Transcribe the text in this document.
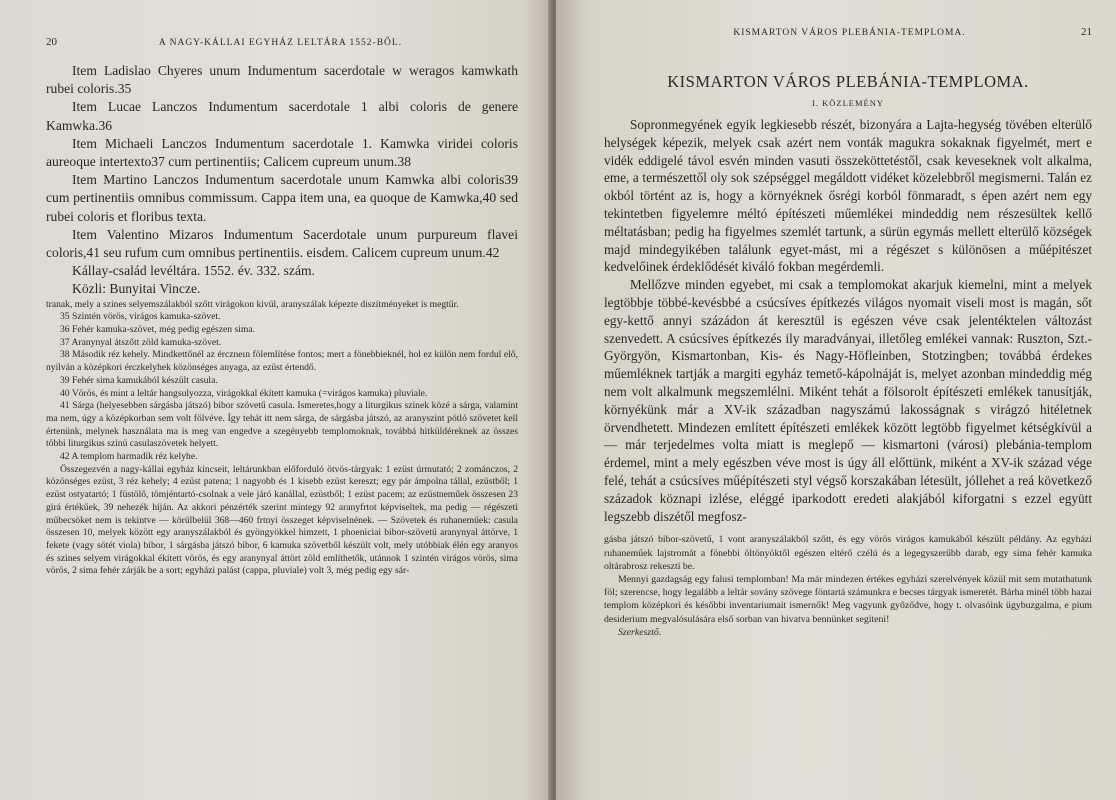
20	A NAGY-KÁLLAI EGYHÁZ LELTÁRA 1552-BŐL.

Item Ladislao Chyeres unum Indumentum sacerdotale w weragos kamwkath rubei coloris.35

Item Lucae Lanczos Indumentum sacerdotale 1 albi coloris de genere Kamwka.36

Item Michaeli Lanczos Indumentum sacerdotale 1. Kamwka viridei coloris aureoque intertexto37 cum pertinentiis; Calicem cupreum unum.38

Item Martino Lanczos Indumentum sacerdotale unum Kamwka albi coloris39 cum pertinentiis omnibus commissum. Cappa item una, ea quoque de Kamwka,40 sed rubei coloris et floribus texta.

Item Valentino Mizaros Indumentum Sacerdotale unum purpureum flavei coloris,41 seu rufum cum omnibus pertinentiis. eisdem. Calicem cupreum unum.42

Kállay-család levéltára. 1552. év. 332. szám.

Közli: Bunyitai Vincze.

tranak, mely a szines selyemszálakból szőtt virágokon kivül, aranyszálak képezte diszítményeket is megtűr.

35 Szintén vörös, virágos kamuka-szövet.

36 Fehér kamuka-szövet, még pedig egészen sima.

37 Aranynyal átszőtt zöld kamuka-szövet.

38 Második réz kehely. Mindkettőnél az érczneın fölemlítése fontos; mert a fönebbieknél, hol ez külön nem fordul elő, nyilván a középkori érczkelyhek közönséges anyaga, az ezüst értendő.

39 Fehér sima kamukából készült casula.

40 Vörös, és mint a leltár hangsulyozza, virágokkal ékített kamuka (=virágos kamuka) pluviale.

41 Sárga (helyesebben sárgásba játszó) bibor szövetű casula. Ismeretes,hogy a liturgikus szinek közé a sárga, valamint ma nem, úgy a középkorban sem volt fölvéve. Így tehát itt nem sárga, de sárgásba játszó, az aranyszint pótló szövetet kell értenünk, melynek használata ma is meg van engedve a szegényebb templomoknak, továbbá hitküldéreknek az összes többi liturgikus szinü casulaszövetek helyett.

42 A templom harmadik réz kelyhe.

Összegezvén a nagy-kállai egyház kincseit, leltárunkban előforduló ötvös-tárgyak: 1 ezüst úrmutató; 2 zománczos, 2 közönséges ezüst, 3 réz kehely; 4 ezüst patena; 1 nagyobb és 1 kisebb ezüst kereszt; egy pár ámpolna tállal, ezüstből; 1 ezüst ostyatartó; 1 füstölő, tömjéntartó-csolnak a vele járó kanállal, ezüstből; 1 ezüst pacem; az ezüstneműek összesen 23 girá értékűek, 39 nehezék híján. Az akkori pénzérték szerint mintegy 92 aranyfrtot képviseltek, ma pedig — régészeti műbecsöket nem is tekintve — körülbelül 368—460 frtnyi összeget képviselnének. — Szövetek és ruhaneműek: casula összesen 10, melyek között egy aranyszálakból és gyöngyökkel himzett, 1 phoeniciai bibor-szövetű aranynyal áttörve, 1 fekete (vagy sötét viola) bibor, 1 sárgásba játszó bibor, 6 kamuka szövetből készült volt, mely utóbbiak élén egy aranyos és szines selyem virágokkal ékített vörös, és egy aranynyal áttört zöld említhetők, utánnok 1 szintén virágos vörös, sima vörös, 2 sima fehér zárják be a sort; egyházi palást (cappa, pluviale) volt 3, még pedig egy sár-

KISMARTON VÁROS PLEBÁNIA-TEMPLOMA.	21
KISMARTON VÁROS PLEBÁNIA-TEMPLOMA.
I. KÖZLEMÉNY

Sopronmegyének egyik legkiesebb részét, bizonyára a Lajta-hegység tövében elterülő helységek képezik, melyek csak azért nem vonták magukra sokaknak figyelmét, mert e vidék eddigelé távol esvén minden vasuti összeköttetéstől, csak keveseknek volt alkalma, eme, a természettől oly sok szépséggel megáldott vidéket közelebbről megismerni. Talán ez okból történt az is, hogy a környéknek ősrégi korból fönmaradt, s épen azért nem egy tekintetben figyelemre méltó építészeti műemlékei mindeddig nem részesültek kellő méltatásban; pedig ha figyelmes szemlét tartunk, a sürün egymás mellett elterülő községek majd mindegyikében találunk egyet-mást, mi a régészet s különösen a műépitészet kedvelőinek érdeklődését kiváló fokban megérdemli.

Mellőzve minden egyebet, mi csak a templomokat akarjuk kiemelni, mint a melyek legtöbbje többé-kevésbbé a csúcsíves építkezés világos nyomait viseli most is magán, sőt egy-kettő annyi százádon át keresztül is egészen véve csak jelentéktelen változást szenvedett. A csúcsíves építkezés ily maradványai, illetőleg emlékei vannak: Ruszton, Szt.-Györgyön, Kismartonban, Kis- és Nagy-Höfleinben, Stotzingben; továbbá érdekes műemléknek tartják a margiti egyház temető-kápolnáját is, melyet azonban mindeddig még nem volt alkalmunk megszemlélni. Miként tehát a fölsorolt építészeti emlékek tanusítják, környékünk már a XV-ik században nagyszámú lakosságnak s virágzó hitéletnek örvendhetett. Mindezen említett építészeti emlékek között legtöbb figyelmet kétségkívül a — már terjedelmes volta miatt is meglepő — kismartoni (városi) plebánia-templom érdemel, mint a mely egészben véve most is úgy áll előttünk, miként a XV-ik század vége felé, tehát a csúcsíves műépítészeti styl végső korszakában létesült, jóllehet a reá következő századok köznapi izlése, eléggé iparkodott eredeti alakjából kiforgatni s ezzel együtt legszebb diszétől megfosz-

gásba játszó bibor-szövetű, 1 vont aranyszálakból szőtt, és egy vörös virágos kamukából készült példány. Az egyházi ruhaneműek lajstromát a fönebbi öltönyöktől egészen eltérő czélú és a legegyszerűbb darab, egy sima fehér kamuka oltárabrosz rekeszti be.

Mennyi gazdagság egy falusi templomban! Ma már mindezen értékes egyházi szerelvények közül mit sem mutathatunk föl; szerencse, hogy legalább a leltár sovány szövege föntartá számunkra e becses tárgyak ismeretét. Bárha minél több hazai templom középkori és későbbi inventariumait ismernők! Meg vagyunk győződve, hogy t. olvasóink ügybuzgalma, e pium desiderium megvalósulására első sorban van hivatva bennünket segiteni!

Szerkesztő.
